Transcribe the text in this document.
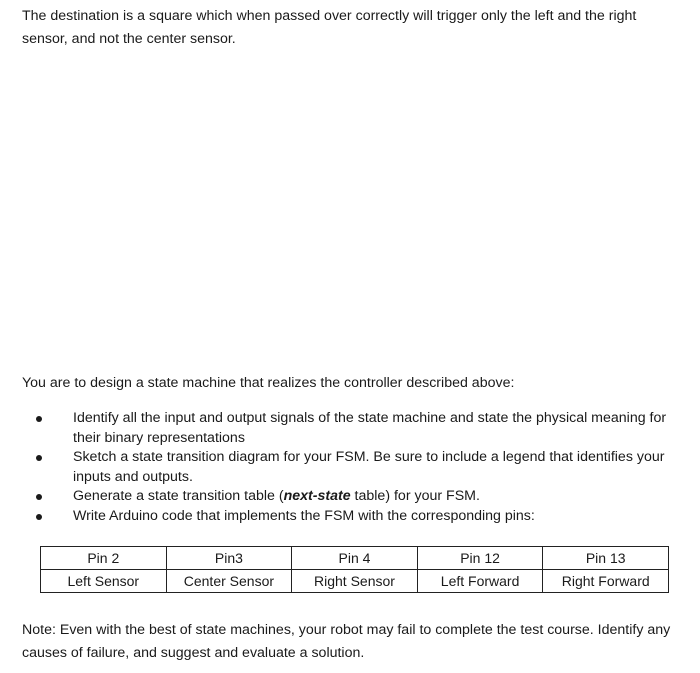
The destination is a square which when passed over correctly will trigger only the left and the right sensor, and not the center sensor.

You are to design a state machine that realizes the controller described above:

Identify all the input and output signals of the state machine and state the physical meaning for their binary representations
Sketch a state transition diagram for your FSM. Be sure to include a legend that identifies your inputs and outputs.
Generate a state transition table (next-state table) for your FSM.
Write Arduino code that implements the FSM with the corresponding pins:
Pin 2	Pin3	Pin 4	Pin 12	Pin 13
Left Sensor	Center Sensor	Right Sensor	Left Forward	Right Forward

Note: Even with the best of state machines, your robot may fail to complete the test course. Identify any causes of failure, and suggest and evaluate a solution.
